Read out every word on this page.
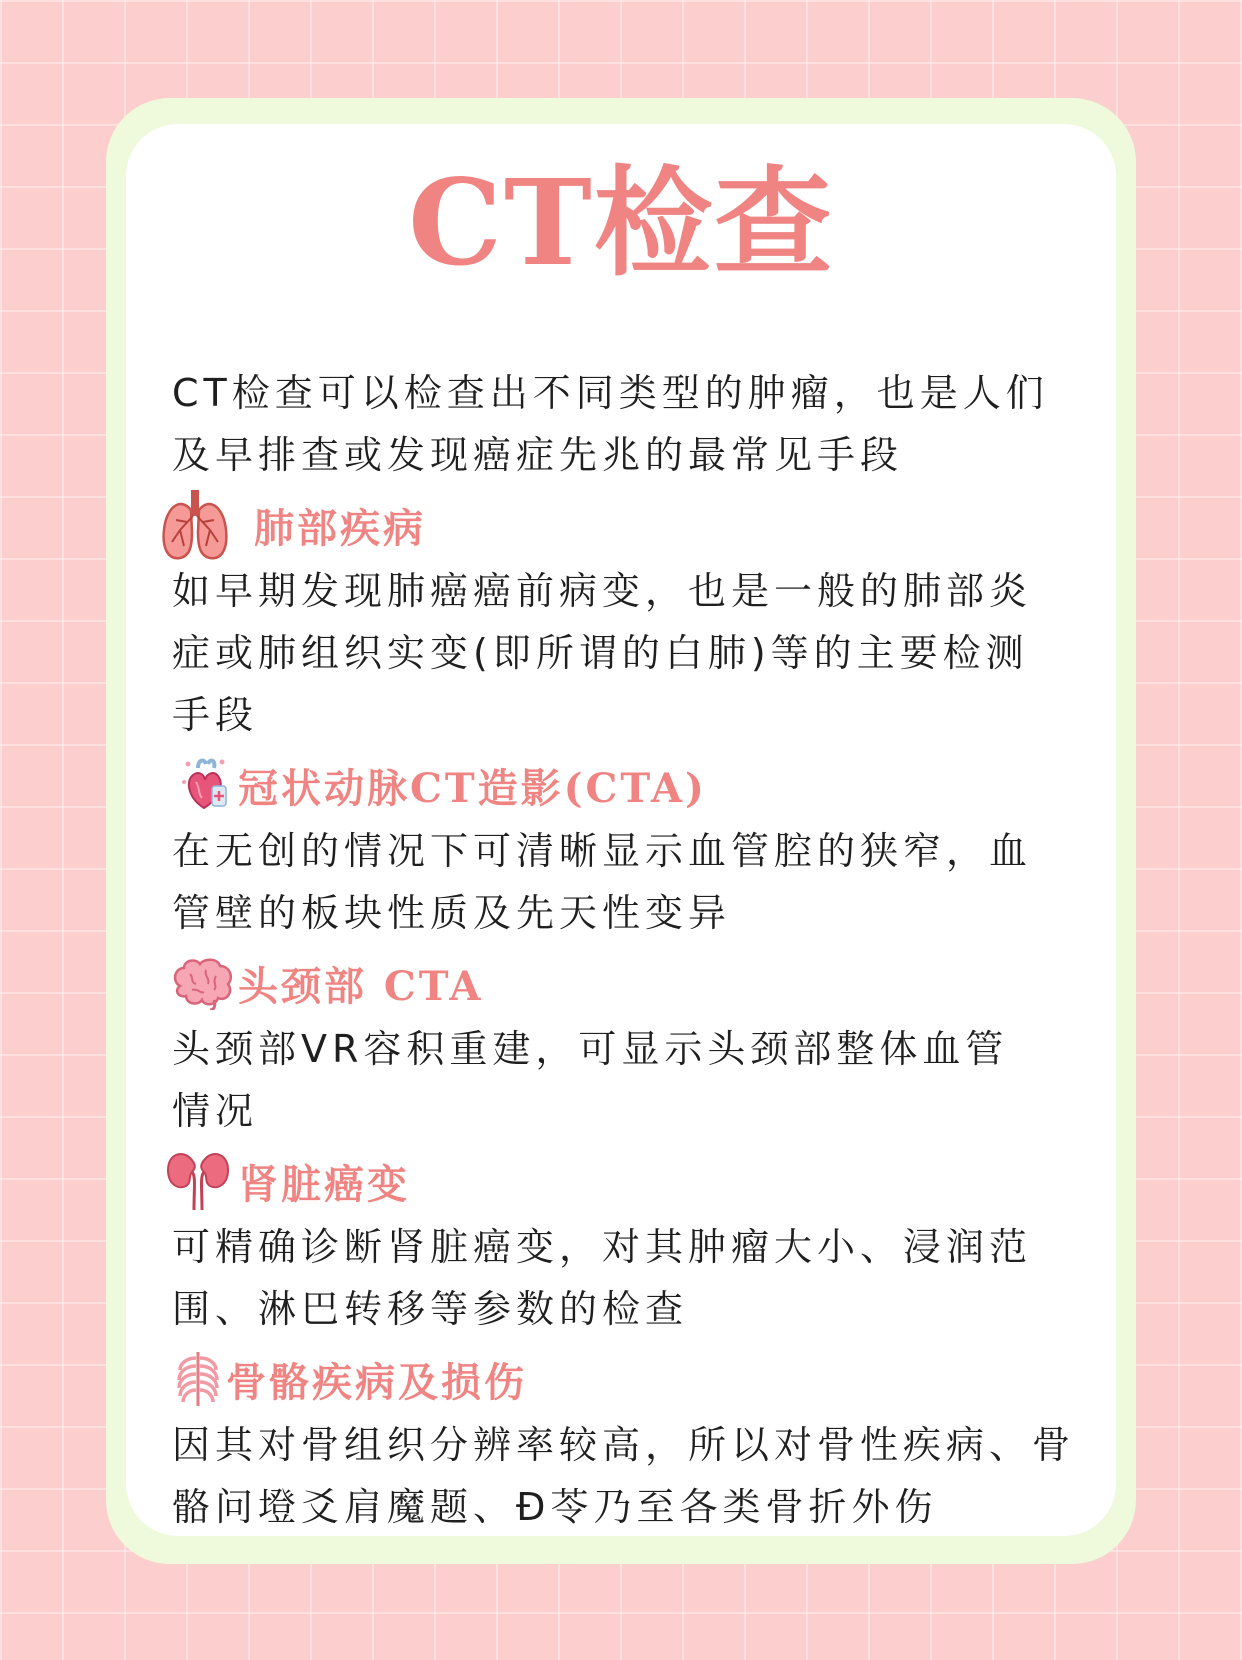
CT检查

CT检查可以检查出不同类型的肿瘤，也是人们

及早排查或发现癌症先兆的最常见手段

肺部疾病

如早期发现肺癌癌前病变，也是一般的肺部炎

症或肺组织实变(即所谓的白肺)等的主要检测

手段

冠状动脉CT造影(CTA)

在无创的情况下可清晰显示血管腔的狭窄，血

管壁的板块性质及先天性变异

头颈部 CTA

头颈部VR容积重建，可显示头颈部整体血管

情况

肾脏癌变

可精确诊断肾脏癌变，对其肿瘤大小、浸润范

围、淋巴转移等参数的检查

骨骼疾病及损伤

因其对骨组织分辨率较高，所以对骨性疾病、骨

骼问墱爻肩魔题、Ð苓乃至各类骨折外伤
